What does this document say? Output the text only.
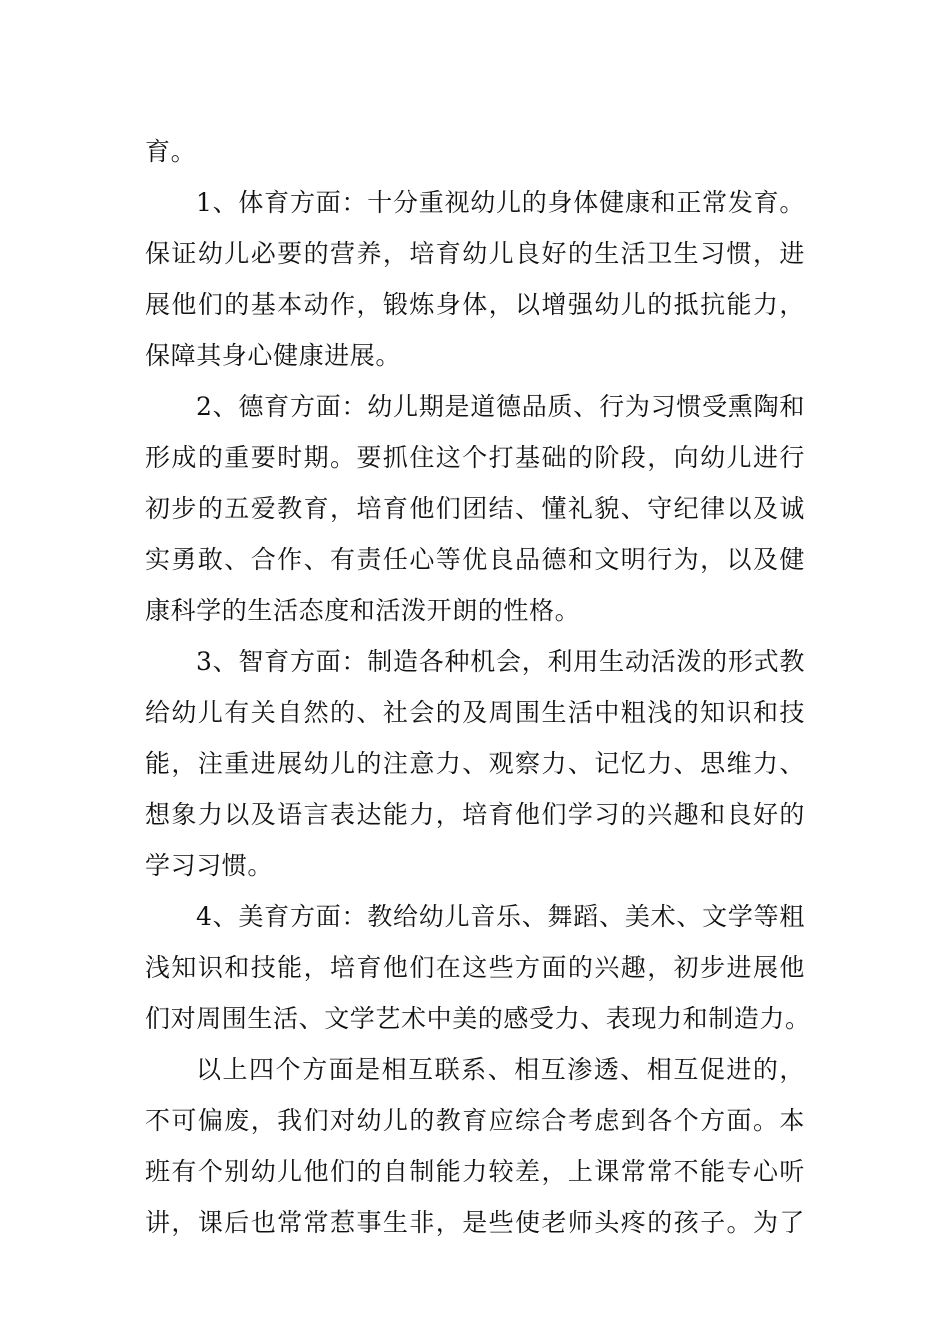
育。
1、体育方面：十分重视幼儿的身体健康和正常发育。
保证幼儿必要的营养，培育幼儿良好的生活卫生习惯，进
展他们的基本动作，锻炼身体，以增强幼儿的抵抗能力，
保障其身心健康进展。
2、德育方面：幼儿期是道德品质、行为习惯受熏陶和
形成的重要时期。要抓住这个打基础的阶段，向幼儿进行
初步的五爱教育，培育他们团结、懂礼貌、守纪律以及诚
实勇敢、合作、有责任心等优良品德和文明行为，以及健
康科学的生活态度和活泼开朗的性格。
3、智育方面：制造各种机会，利用生动活泼的形式教
给幼儿有关自然的、社会的及周围生活中粗浅的知识和技
能，注重进展幼儿的注意力、观察力、记忆力、思维力、
想象力以及语言表达能力，培育他们学习的兴趣和良好的
学习习惯。
4、美育方面：教给幼儿音乐、舞蹈、美术、文学等粗
浅知识和技能，培育他们在这些方面的兴趣，初步进展他
们对周围生活、文学艺术中美的感受力、表现力和制造力。
以上四个方面是相互联系、相互渗透、相互促进的，
不可偏废，我们对幼儿的教育应综合考虑到各个方面。本
班有个别幼儿他们的自制能力较差，上课常常不能专心听
讲，课后也常常惹事生非，是些使老师头疼的孩子。为了
